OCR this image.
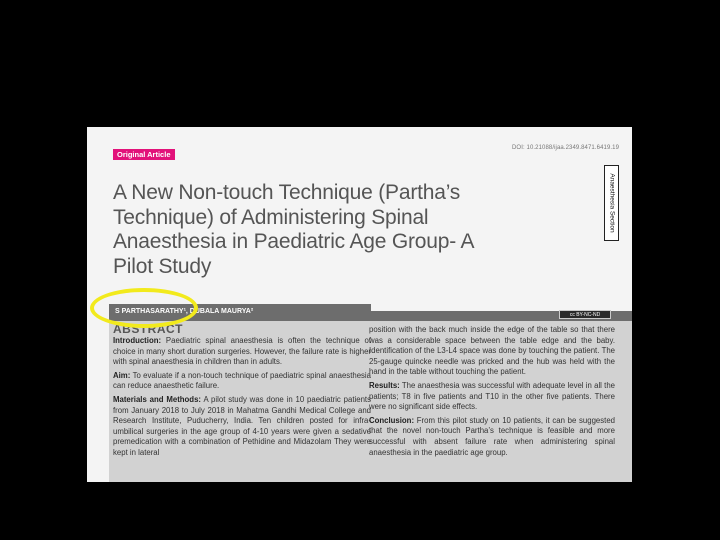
Original Article
DOI: 10.21088/ijaa.2349.8471.6419.19
Anaesthesia Section
A New Non-touch Technique (Partha’s Technique) of Administering Spinal Anaesthesia in Paediatric Age Group- A Pilot Study
S PARTHASARATHY¹, DUBALA MAURYA²	cc BY-NC-ND
ABSTRACT

Introduction: Paediatric spinal anaesthesia is often the technique of choice in many short duration surgeries. However, the failure rate is higher with spinal anaesthesia in children than in adults.

Aim: To evaluate if a non-touch technique of paediatric spinal anaesthesia can reduce anaesthetic failure.

Materials and Methods: A pilot study was done in 10 paediatric patients from January 2018 to July 2018 in Mahatma Gandhi Medical College and Research Institute, Puducherry, India. Ten children posted for infra-umbilical surgeries in the age group of 4-10 years were given a sedative premedication with a combination of Pethidine and Midazolam They were kept in lateral

position with the back much inside the edge of the table so that there was a considerable space between the table edge and the baby. Identification of the L3-L4 space was done by touching the patient. The 25-gauge quincke needle was pricked and the hub was held with the hand in the table without touching the patient.

Results: The anaesthesia was successful with adequate level in all the patients; T8 in five patients and T10 in the other five patients. There were no significant side effects.

Conclusion: From this pilot study on 10 patients, it can be suggested that the novel non-touch Partha’s technique is feasible and more successful with absent failure rate when administering spinal anaesthesia in the paediatric age group.
